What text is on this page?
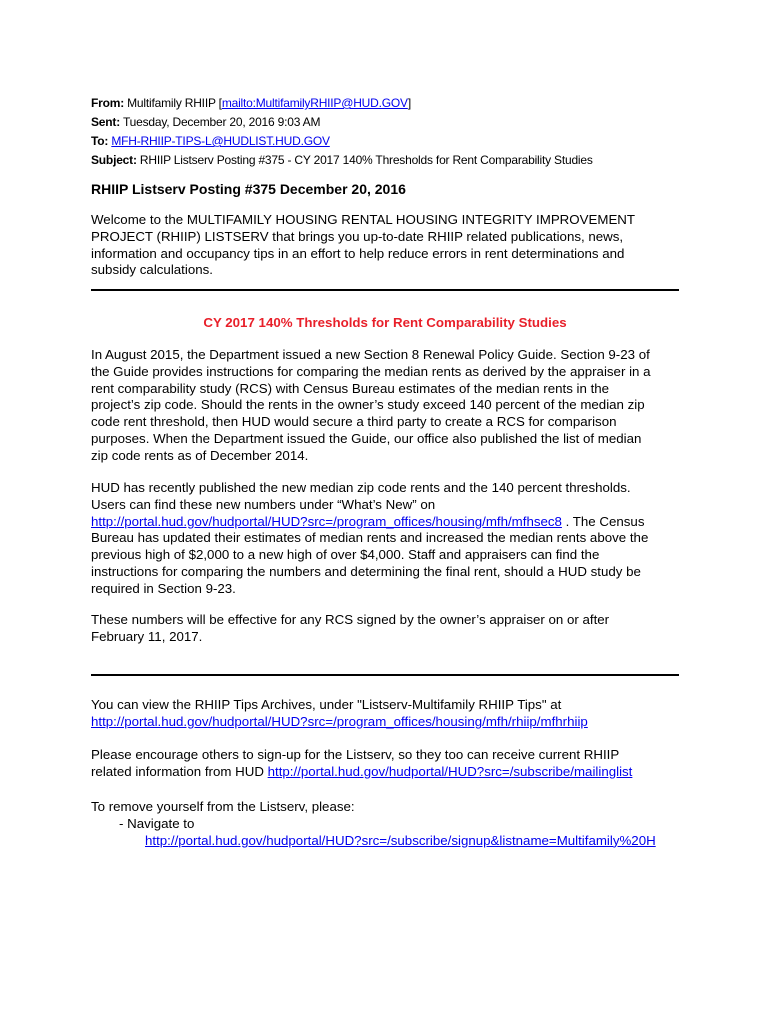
From: Multifamily RHIIP [mailto:MultifamilyRHIIP@HUD.GOV]
Sent: Tuesday, December 20, 2016 9:03 AM
To: MFH-RHIIP-TIPS-L@HUDLIST.HUD.GOV
Subject: RHIIP Listserv Posting #375 - CY 2017 140% Thresholds for Rent Comparability Studies
RHIIP Listserv Posting #375 December 20, 2016
Welcome to the MULTIFAMILY HOUSING RENTAL HOUSING INTEGRITY IMPROVEMENT
PROJECT (RHIIP) LISTSERV that brings you up-to-date RHIIP related publications, news,
information and occupancy tips in an effort to help reduce errors in rent determinations and
subsidy calculations.
CY 2017 140% Thresholds for Rent Comparability Studies
In August 2015, the Department issued a new Section 8 Renewal Policy Guide. Section 9-23 of
the Guide provides instructions for comparing the median rents as derived by the appraiser in a
rent comparability study (RCS) with Census Bureau estimates of the median rents in the
project’s zip code. Should the rents in the owner’s study exceed 140 percent of the median zip
code rent threshold, then HUD would secure a third party to create a RCS for comparison
purposes. When the Department issued the Guide, our office also published the list of median
zip code rents as of December 2014.
HUD has recently published the new median zip code rents and the 140 percent thresholds.
Users can find these new numbers under “What’s New” on
http://portal.hud.gov/hudportal/HUD?src=/program_offices/housing/mfh/mfhsec8 . The Census
Bureau has updated their estimates of median rents and increased the median rents above the
previous high of $2,000 to a new high of over $4,000. Staff and appraisers can find the
instructions for comparing the numbers and determining the final rent, should a HUD study be
required in Section 9-23.
These numbers will be effective for any RCS signed by the owner’s appraiser on or after
February 11, 2017.
You can view the RHIIP Tips Archives, under "Listserv-Multifamily RHIIP Tips" at
http://portal.hud.gov/hudportal/HUD?src=/program_offices/housing/mfh/rhiip/mfhrhiip
Please encourage others to sign-up for the Listserv, so they too can receive current RHIIP
related information from HUD http://portal.hud.gov/hudportal/HUD?src=/subscribe/mailinglist
To remove yourself from the Listserv, please:
- Navigate to
http://portal.hud.gov/hudportal/HUD?src=/subscribe/signup&listname=Multifamily%20H
